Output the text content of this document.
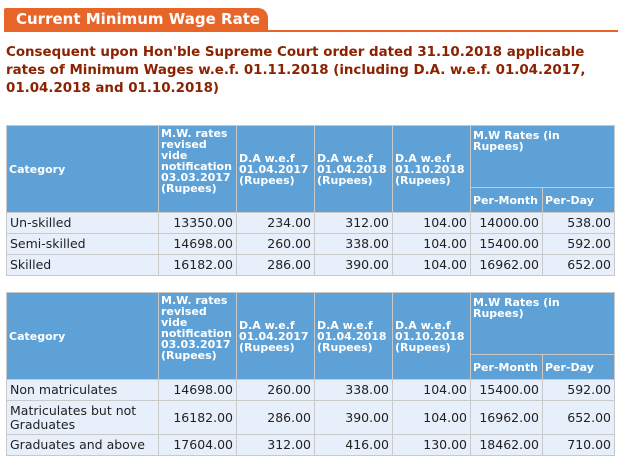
Current Minimum Wage Rate
Consequent upon Hon'ble Supreme Court order dated 31.10.2018 applicable rates of Minimum Wages w.e.f. 01.11.2018 (including D.A. w.e.f. 01.04.2017, 01.04.2018 and 01.10.2018)
Category	M.W. rates revised vide notification 03.03.2017 (Rupees)	D.A w.e.f 01.04.2017 (Rupees)	D.A w.e.f 01.04.2018 (Rupees)	D.A w.e.f 01.10.2018 (Rupees)	M.W Rates (in Rupees)	
					Per-Month	Per-Day
Un-skilled	13350.00	234.00	312.00	104.00	14000.00	538.00
Semi-skilled	14698.00	260.00	338.00	104.00	15400.00	592.00
Skilled	16182.00	286.00	390.00	104.00	16962.00	652.00
Category	M.W. rates revised vide notification 03.03.2017 (Rupees)	D.A w.e.f 01.04.2017 (Rupees)	D.A w.e.f 01.04.2018 (Rupees)	D.A w.e.f 01.10.2018 (Rupees)	M.W Rates (in Rupees)	
					Per-Month	Per-Day
Non matriculates	14698.00	260.00	338.00	104.00	15400.00	592.00
Matriculates but not Graduates	16182.00	286.00	390.00	104.00	16962.00	652.00
Graduates and above	17604.00	312.00	416.00	130.00	18462.00	710.00
